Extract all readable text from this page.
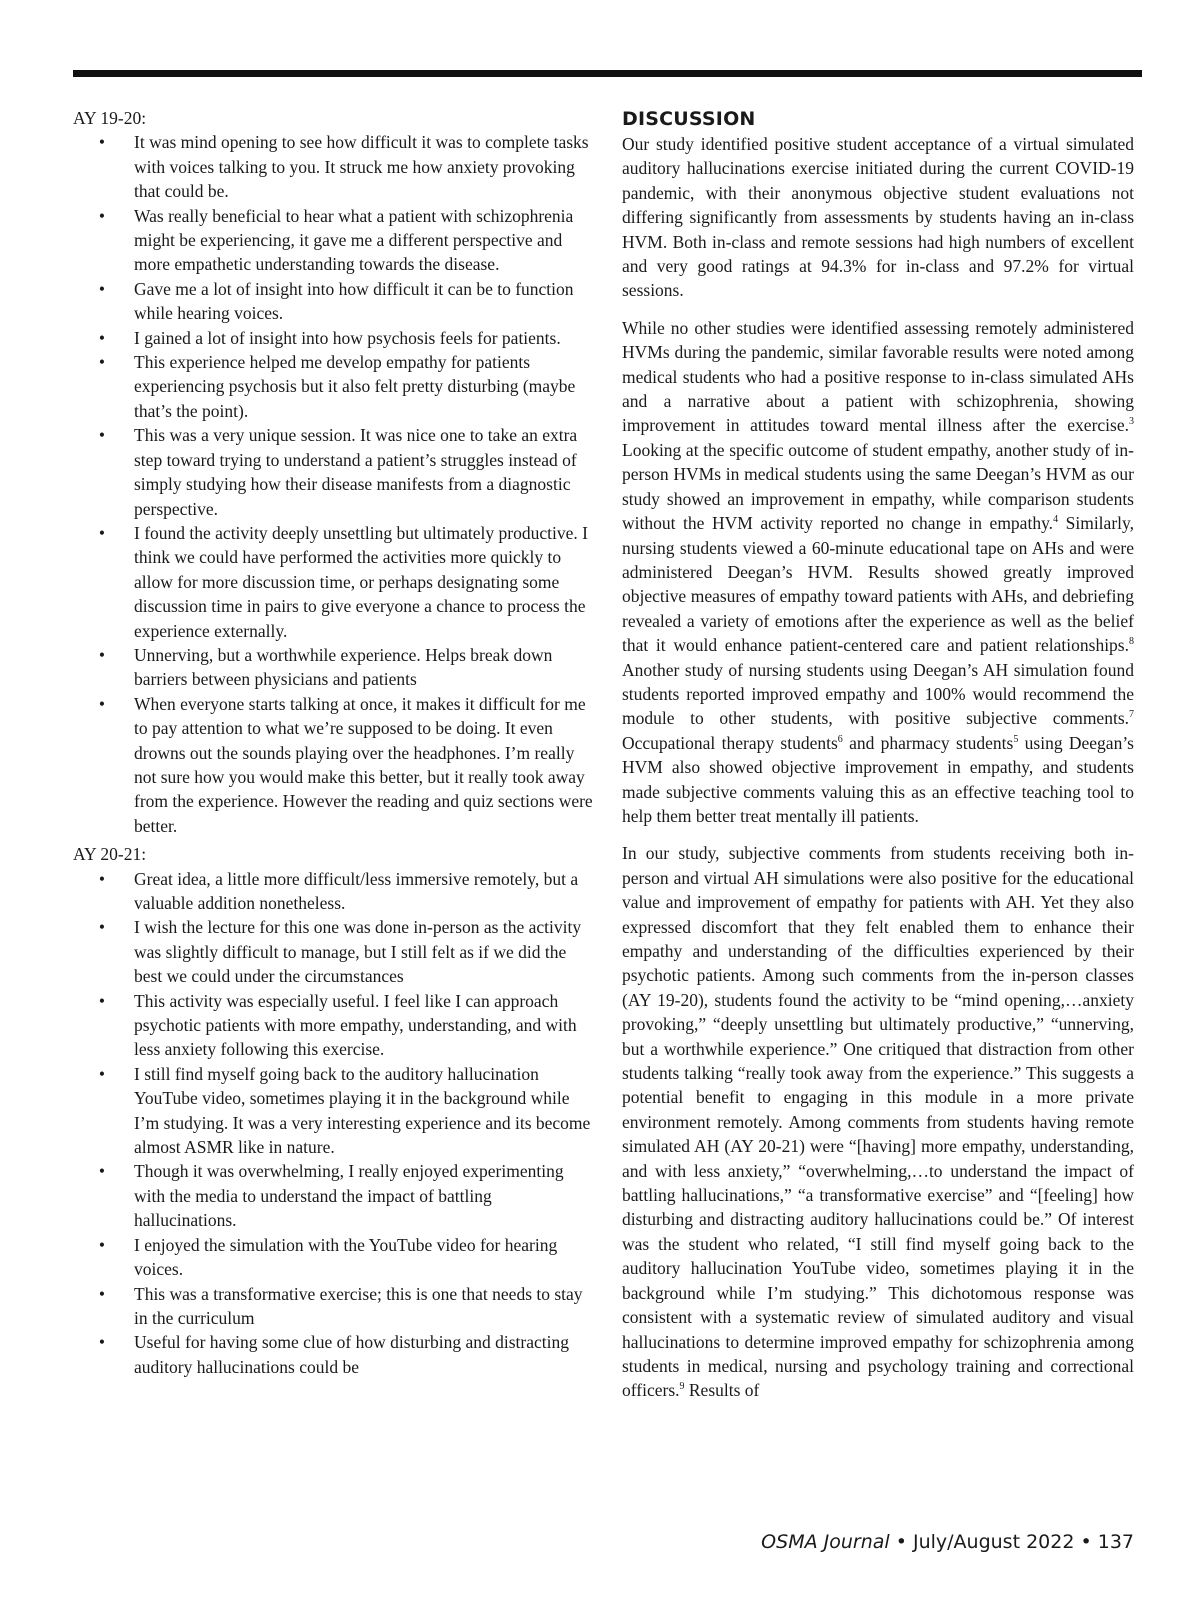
AY 19-20:

• It was mind opening to see how difficult it was to complete tasks with voices talking to you. It struck me how anxiety provoking that could be.
• Was really beneficial to hear what a patient with schizophrenia might be experiencing, it gave me a different perspective and more empathetic understanding towards the disease.
• Gave me a lot of insight into how difficult it can be to function while hearing voices.
• I gained a lot of insight into how psychosis feels for patients.
• This experience helped me develop empathy for patients experiencing psychosis but it also felt pretty disturbing (maybe that’s the point).
• This was a very unique session. It was nice one to take an extra step toward trying to understand a patient’s struggles instead of simply studying how their disease manifests from a diagnostic perspective.
• I found the activity deeply unsettling but ultimately productive. I think we could have performed the activities more quickly to allow for more discussion time, or perhaps designating some discussion time in pairs to give everyone a chance to process the experience externally.
• Unnerving, but a worthwhile experience. Helps break down barriers between physicians and patients
• When everyone starts talking at once, it makes it difficult for me to pay attention to what we’re supposed to be doing. It even drowns out the sounds playing over the headphones. I’m really not sure how you would make this better, but it really took away from the experience. However the reading and quiz sections were better.

AY 20-21:

• Great idea, a little more difficult/less immersive remotely, but a valuable addition nonetheless.
• I wish the lecture for this one was done in-person as the activity was slightly difficult to manage, but I still felt as if we did the best we could under the circumstances
• This activity was especially useful. I feel like I can approach psychotic patients with more empathy, understanding, and with less anxiety following this exercise.
• I still find myself going back to the auditory hallucination YouTube video, sometimes playing it in the background while I’m studying. It was a very interesting experience and its become almost ASMR like in nature.
• Though it was overwhelming, I really enjoyed experimenting with the media to understand the impact of battling hallucinations.
• I enjoyed the simulation with the YouTube video for hearing voices.
• This was a transformative exercise; this is one that needs to stay in the curriculum
• Useful for having some clue of how disturbing and distracting auditory hallucinations could be
DISCUSSION

Our study identified positive student acceptance of a virtual simulated auditory hallucinations exercise initiated during the current COVID-19 pandemic, with their anonymous objective student evaluations not differing significantly from assessments by students having an in-class HVM. Both in-class and remote sessions had high numbers of excellent and very good ratings at 94.3% for in-class and 97.2% for virtual sessions.

While no other studies were identified assessing remotely administered HVMs during the pandemic, similar favorable results were noted among medical students who had a positive response to in-class simulated AHs and a narrative about a patient with schizophrenia, showing improvement in attitudes toward mental illness after the exercise.$^3$ Looking at the specific outcome of student empathy, another study of in-person HVMs in medical students using the same Deegan’s HVM as our study showed an improvement in empathy, while comparison students without the HVM activity reported no change in empathy.$^4$ Similarly, nursing students viewed a 60-minute educational tape on AHs and were administered Deegan’s HVM. Results showed greatly improved objective measures of empathy toward patients with AHs, and debriefing revealed a variety of emotions after the experience as well as the belief that it would enhance patient-centered care and patient relationships.$^8$ Another study of nursing students using Deegan’s AH simulation found students reported improved empathy and 100% would recommend the module to other students, with positive subjective comments.$^7$ Occupational therapy students$^6$ and pharmacy students$^5$ using Deegan’s HVM also showed objective improvement in empathy, and students made subjective comments valuing this as an effective teaching tool to help them better treat mentally ill patients.

In our study, subjective comments from students receiving both in-person and virtual AH simulations were also positive for the educational value and improvement of empathy for patients with AH. Yet they also expressed discomfort that they felt enabled them to enhance their empathy and understanding of the difficulties experienced by their psychotic patients. Among such comments from the in-person classes (AY 19-20), students found the activity to be “mind opening,…anxiety provoking,” “deeply unsettling but ultimately productive,” “unnerving, but a worthwhile experience.” One critiqued that distraction from other students talking “really took away from the experience.” This suggests a potential benefit to engaging in this module in a more private environment remotely. Among comments from students having remote simulated AH (AY 20-21) were “[having] more empathy, understanding, and with less anxiety,” “overwhelming,…to understand the impact of battling hallucinations,” “a transformative exercise” and “[feeling] how disturbing and distracting auditory hallucinations could be.” Of interest was the student who related, “I still find myself going back to the auditory hallucination YouTube video, sometimes playing it in the background while I’m studying.” This dichotomous response was consistent with a systematic review of simulated auditory and visual hallucinations to determine improved empathy for schizophrenia among students in medical, nursing and psychology training and correctional officers.$^9$ Results of

OSMA Journal • July/August 2022 • 137
